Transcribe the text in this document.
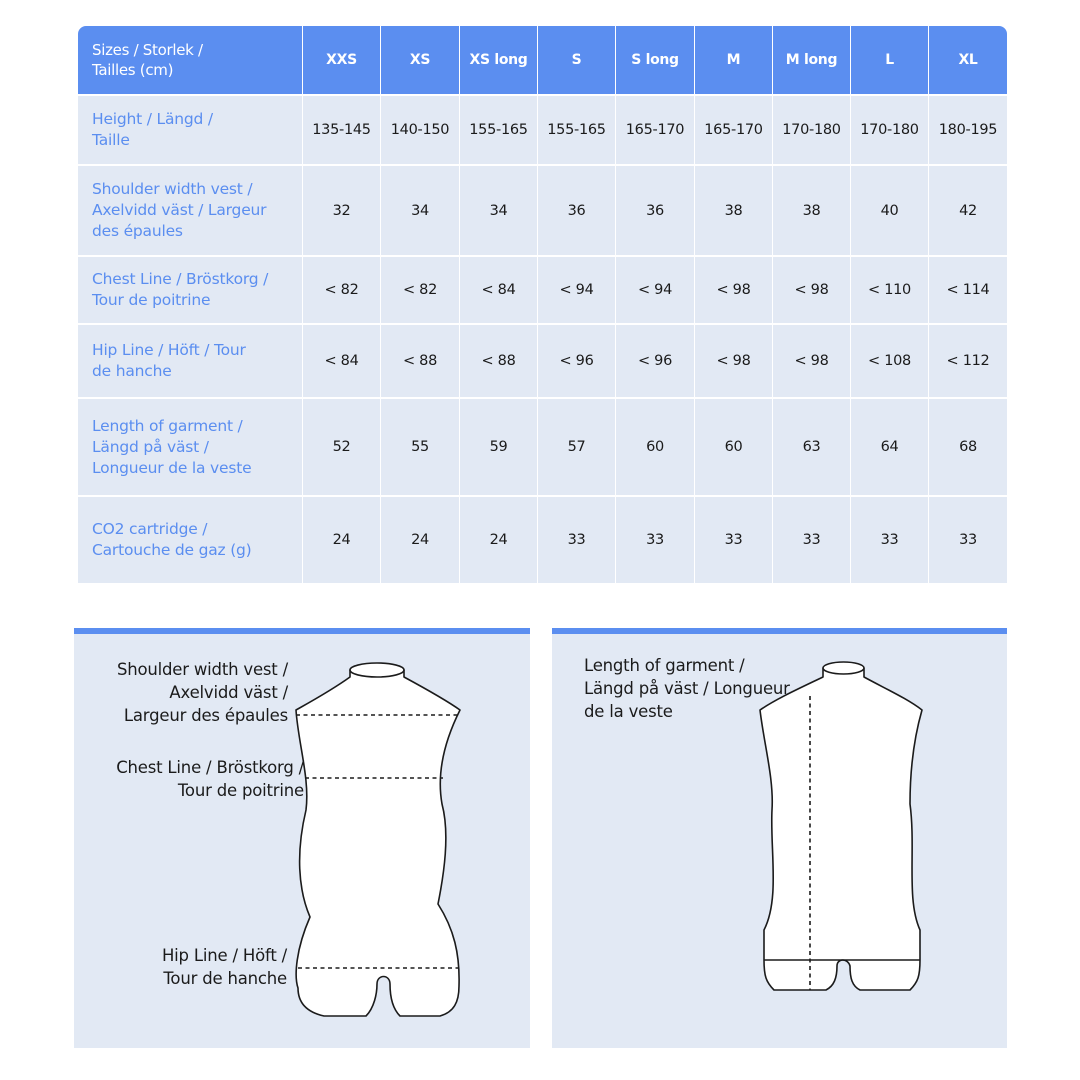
Sizes / Storlek /
Tailles (cm)	XXS	XS	XS long	S	S long	M	M long	L	XL

Height / Längd /
Taille	135-145	140-150	155-165	155-165	165-170	165-170	170-180	170-180	180-195

Shoulder width vest /
Axelvidd väst / Largeur
des épaules	32	34	34	36	36	38	38	40	42

Chest Line / Bröstkorg /
Tour de poitrine	< 82	< 82	< 84	< 94	< 94	< 98	< 98	< 110	< 114

Hip Line / Höft / Tour
de hanche	< 84	< 88	< 88	< 96	< 96	< 98	< 98	< 108	< 112

Length of garment /
Längd på väst /
Longueur de la veste	52	55	59	57	60	60	63	64	68

CO2 cartridge /
Cartouche de gaz (g)	24	24	24	33	33	33	33	33	33
Shoulder width vest /
Axelvidd väst /
Largeur des épaules
Chest Line / Bröstkorg /
Tour de poitrine
Hip Line / Höft /
Tour de hanche
Length of garment /
Längd på väst / Longueur
de la veste
